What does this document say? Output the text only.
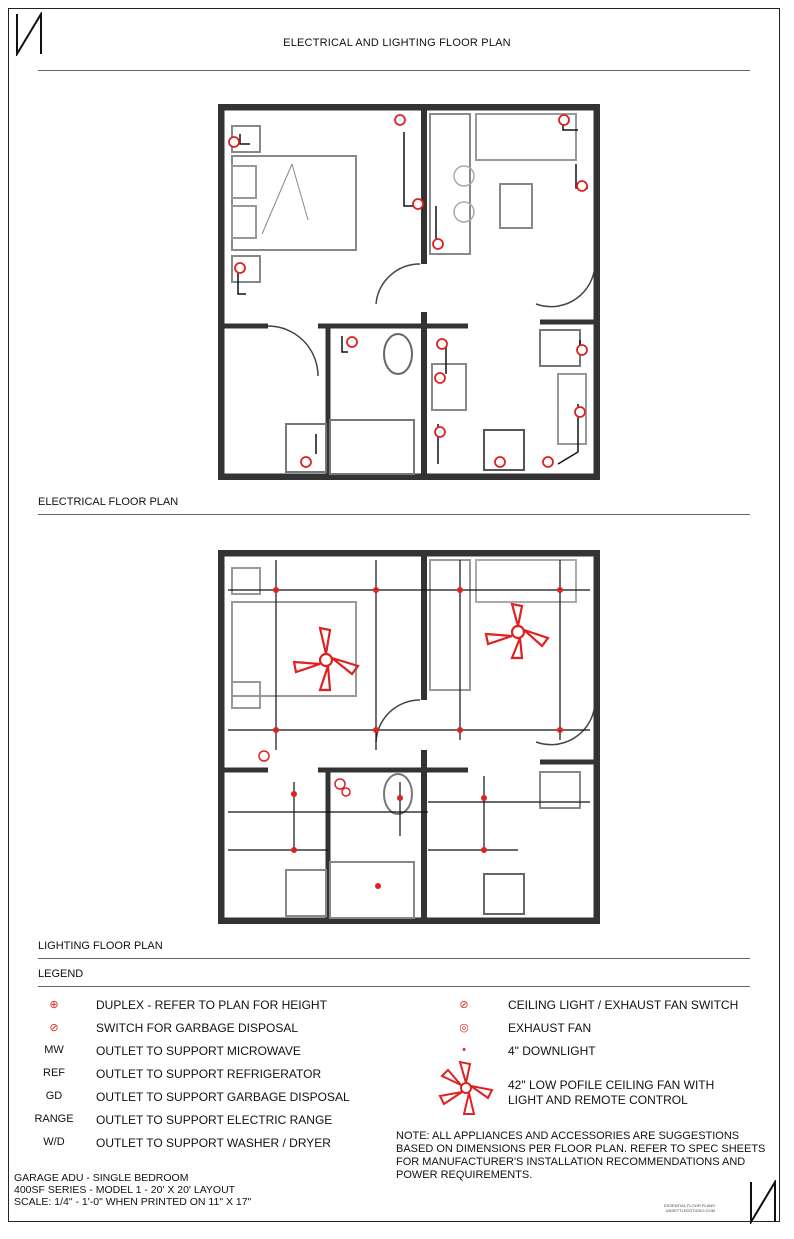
ELECTRICAL AND LIGHTING FLOOR PLAN
ELECTRICAL FLOOR PLAN
LIGHTING FLOOR PLAN
LEGEND
⊕	DUPLEX - REFER TO PLAN FOR HEIGHT
⊘	SWITCH FOR GARBAGE DISPOSAL
MW	OUTLET TO SUPPORT MICROWAVE
REF	OUTLET TO SUPPORT REFRIGERATOR
GD	OUTLET TO SUPPORT GARBAGE DISPOSAL
RANGE OUTLET TO SUPPORT ELECTRIC RANGE
W/D	OUTLET TO SUPPORT WASHER / DRYER
⊘	CEILING LIGHT / EXHAUST FAN SWITCH
◎	EXHAUST FAN
•	4" DOWNLIGHT
42" LOW POFILE CEILING FAN WITH
LIGHT AND REMOTE CONTROL
NOTE: ALL APPLIANCES AND ACCESSORIES ARE SUGGESTIONS BASED ON DIMENSIONS PER FLOOR PLAN. REFER TO SPEC SHEETS FOR MANUFACTURER'S INSTALLATION RECOMMENDATIONS AND POWER REQUIREMENTS.
GARAGE ADU - SINGLE BEDROOM
400SF SERIES - MODEL 1 - 20' X 20' LAYOUT
SCALE: 1/4" - 1'-0" WHEN PRINTED ON 11" X 17"	ESSENTIAL FLOOR PLANS
UNSETTLEDSTUDIO.COM
